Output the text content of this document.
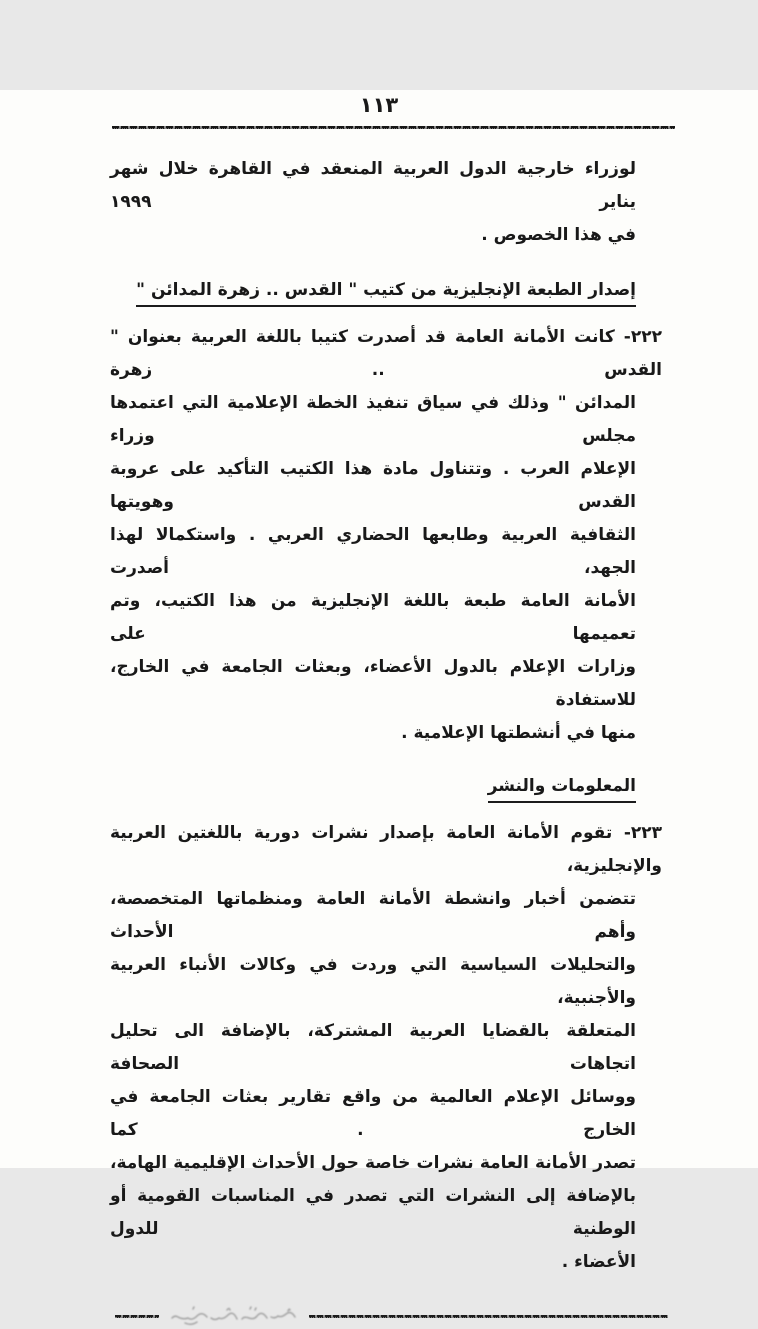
١١٣
لوزراء خارجية الدول العربية المنعقد في القاهرة خلال شهر يناير ١٩٩٩
في هذا الخصوص .
إصدار الطبعة الإنجليزية من كتيب " القدس .. زهرة المدائن "
٢٢٢- كانت الأمانة العامة قد أصدرت كتيبا باللغة العربية بعنوان " القدس .. زهرة
المدائن " وذلك في سياق تنفيذ الخطة الإعلامية التي اعتمدها مجلس وزراء
الإعلام العرب . وتتناول مادة هذا الكتيب التأكيد على عروبة القدس وهويتها
الثقافية العربية وطابعها الحضاري العربي . واستكمالا لهذا الجهد، أصدرت
الأمانة العامة طبعة باللغة الإنجليزية من هذا الكتيب، وتم تعميمها على
وزارات الإعلام بالدول الأعضاء، وبعثات الجامعة في الخارج، للاستفادة
منها في أنشطتها الإعلامية .
المعلومات والنشر
٢٢٣- تقوم الأمانة العامة بإصدار نشرات دورية باللغتين العربية والإنجليزية،
تتضمن أخبار وانشطة الأمانة العامة ومنظماتها المتخصصة، وأهم الأحداث
والتحليلات السياسية التي وردت في وكالات الأنباء العربية والأجنبية،
المتعلقة بالقضايا العربية المشتركة، بالإضافة الى تحليل اتجاهات الصحافة
ووسائل الإعلام العالمية من واقع تقارير بعثات الجامعة في الخارج . كما
تصدر الأمانة العامة نشرات خاصة حول الأحداث الإقليمية الهامة،
بالإضافة إلى النشرات التي تصدر في المناسبات القومية أو الوطنية للدول
الأعضاء .
